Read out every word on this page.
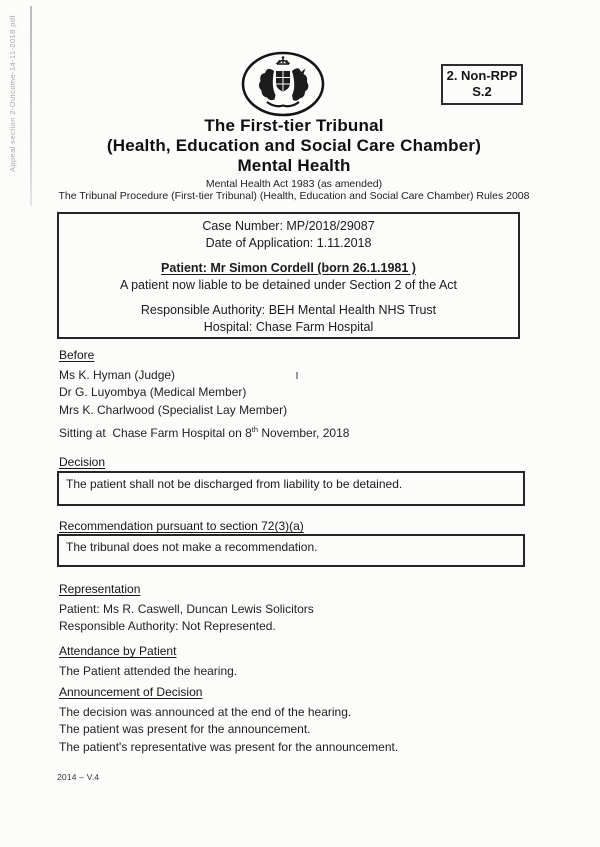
Appeal section 2-Outcome-14-11-2018 pdf	2. Non-RPP
S.2
The First-tier Tribunal
(Health, Education and Social Care Chamber)
Mental Health
Mental Health Act 1983 (as amended)
The Tribunal Procedure (First-tier Tribunal) (Health, Education and Social Care Chamber) Rules 2008
Case Number: MP/2018/29087
Date of Application: 1.11.2018
Patient: Mr Simon Cordell (born 26.1.1981 )
A patient now liable to be detained under Section 2 of the Act
Responsible Authority: BEH Mental Health NHS Trust
Hospital: Chase Farm Hospital
Before
Ms K. Hyman (Judge)
Dr G. Luyombya (Medical Member)
Mrs K. Charlwood (Specialist Lay Member)
Sitting at  Chase Farm Hospital on 8th November, 2018
Decision
The patient shall not be discharged from liability to be detained.
Recommendation pursuant to section 72(3)(a)
The tribunal does not make a recommendation.
Representation
Patient: Ms R. Caswell, Duncan Lewis Solicitors
Responsible Authority: Not Represented.
Attendance by Patient
The Patient attended the hearing.
Announcement of Decision
The decision was announced at the end of the hearing.
The patient was present for the announcement.
The patient's representative was present for the announcement.
2014 – V.4
